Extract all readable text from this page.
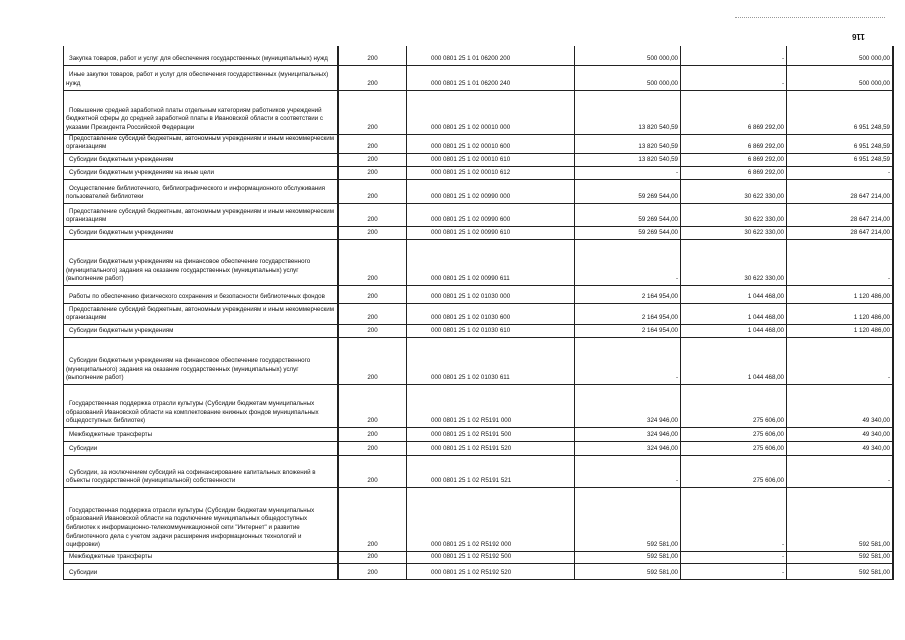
116
Закупка товаров, работ и услуг для обеспечения государственных (муниципальных) нужд	200	000 0801 25 1 01 06200 200	500 000,00	-	500 000,00
Иные закупки товаров, работ и услуг для обеспечения государственных (муниципальных) нужд	200	000 0801 25 1 01 06200 240	500 000,00	-	500 000,00
Повышение средней заработной платы отдельным категориям работников учреждений бюджетной сферы до средней заработной платы в Ивановской области в соответствии с указами Президента Российской Федерации	200	000 0801 25 1 02 00010 000	13 820 540,59	6 869 292,00	6 951 248,59
Предоставление субсидий бюджетным, автономным учреждениям и иным некоммерческим организациям	200	000 0801 25 1 02 00010 600	13 820 540,59	6 869 292,00	6 951 248,59
Субсидии бюджетным учреждениям	200	000 0801 25 1 02 00010 610	13 820 540,59	6 869 292,00	6 951 248,59
Субсидии бюджетным учреждениям на иные цели	200	000 0801 25 1 02 00010 612	-	6 869 292,00	-
Осуществление библиотечного, библиографического и информационного обслуживания пользователей библиотеки	200	000 0801 25 1 02 00990 000	59 269 544,00	30 622 330,00	28 647 214,00
Предоставление субсидий бюджетным, автономным учреждениям и иным некоммерческим организациям	200	000 0801 25 1 02 00990 600	59 269 544,00	30 622 330,00	28 647 214,00
Субсидии бюджетным учреждениям	200	000 0801 25 1 02 00990 610	59 269 544,00	30 622 330,00	28 647 214,00
Субсидии бюджетным учреждениям на финансовое обеспечение государственного (муниципального) задания на оказание государственных (муниципальных) услуг (выполнение работ)	200	000 0801 25 1 02 00990 611	-	30 622 330,00	-
Работы по обеспечению физического сохранения и безопасности библиотечных фондов	200	000 0801 25 1 02 01030 000	2 164 954,00	1 044 468,00	1 120 486,00
Предоставление субсидий бюджетным, автономным учреждениям и иным некоммерческим организациям	200	000 0801 25 1 02 01030 600	2 164 954,00	1 044 468,00	1 120 486,00
Субсидии бюджетным учреждениям	200	000 0801 25 1 02 01030 610	2 164 954,00	1 044 468,00	1 120 486,00
Субсидии бюджетным учреждениям на финансовое обеспечение государственного (муниципального) задания на оказание государственных (муниципальных) услуг (выполнение работ)	200	000 0801 25 1 02 01030 611	-	1 044 468,00	-
Государственная поддержка отрасли культуры (Субсидии бюджетам муниципальных образований Ивановской области на комплектование книжных фондов муниципальных общедоступных библиотек)	200	000 0801 25 1 02 R5191 000	324 946,00	275 606,00	49 340,00
Межбюджетные трансферты	200	000 0801 25 1 02 R5191 500	324 946,00	275 606,00	49 340,00
Субсидии	200	000 0801 25 1 02 R5191 520	324 946,00	275 606,00	49 340,00
Субсидии, за исключением субсидий на софинансирование капитальных вложений в объекты государственной (муниципальной) собственности	200	000 0801 25 1 02 R5191 521	-	275 606,00	-
Государственная поддержка отрасли культуры (Субсидии бюджетам муниципальных образований Ивановской области на подключение муниципальных общедоступных библиотек к информационно-телекоммуникационной сети "Интернет" и развитие библиотечного дела с учетом задачи расширения информационных технологий и оцифровки)	200	000 0801 25 1 02 R5192 000	592 581,00	-	592 581,00
Межбюджетные трансферты	200	000 0801 25 1 02 R5192 500	592 581,00	-	592 581,00
Субсидии	200	000 0801 25 1 02 R5192 520	592 581,00	-	592 581,00
